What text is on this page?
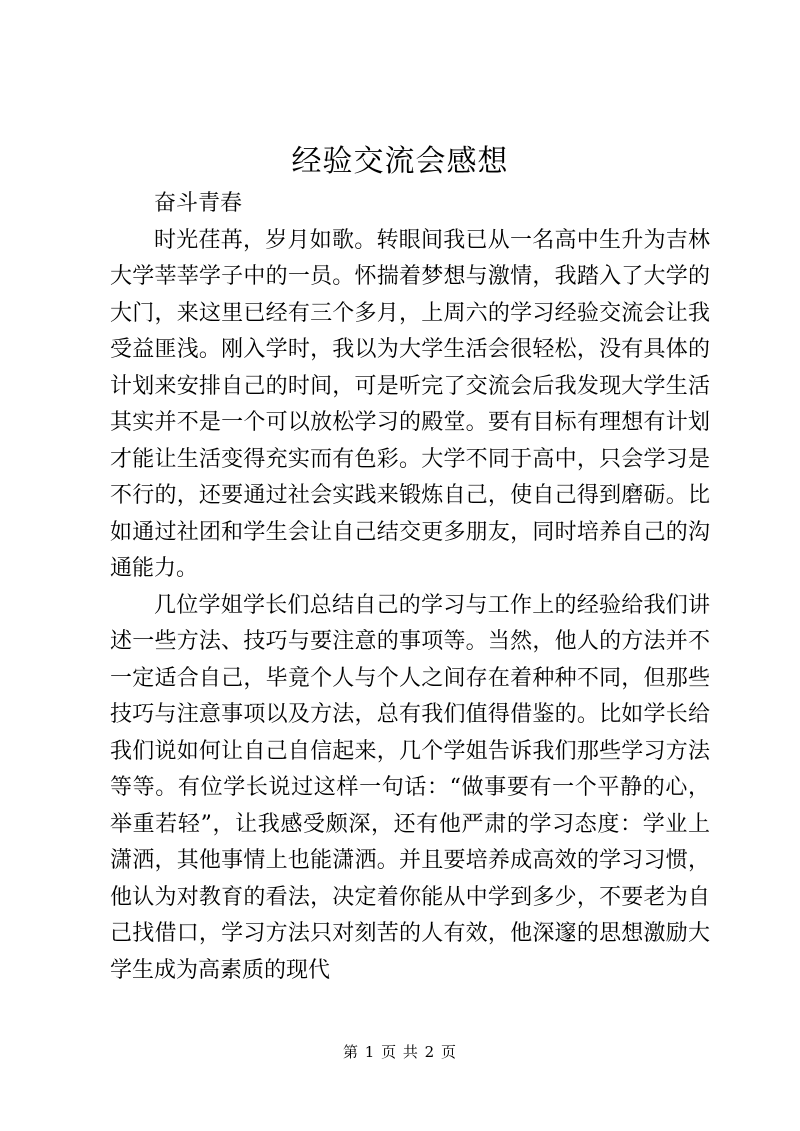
经验交流会感想

奋斗青春

时光荏苒，岁月如歌。转眼间我已从一名高中生升为吉林大学莘莘学子中的一员。怀揣着梦想与激情，我踏入了大学的大门，来这里已经有三个多月，上周六的学习经验交流会让我受益匪浅。刚入学时，我以为大学生活会很轻松，没有具体的计划来安排自己的时间，可是听完了交流会后我发现大学生活其实并不是一个可以放松学习的殿堂。要有目标有理想有计划才能让生活变得充实而有色彩。大学不同于高中，只会学习是不行的，还要通过社会实践来锻炼自己，使自己得到磨砺。比如通过社团和学生会让自己结交更多朋友，同时培养自己的沟通能力。

几位学姐学长们总结自己的学习与工作上的经验给我们讲述一些方法、技巧与要注意的事项等。当然，他人的方法并不一定适合自己，毕竟个人与个人之间存在着种种不同，但那些技巧与注意事项以及方法，总有我们值得借鉴的。比如学长给我们说如何让自己自信起来，几个学姐告诉我们那些学习方法等等。有位学长说过这样一句话：“做事要有一个平静的心，举重若轻”，让我感受颇深，还有他严肃的学习态度：学业上潇洒，其他事情上也能潇洒。并且要培养成高效的学习习惯，他认为对教育的看法，决定着你能从中学到多少，不要老为自己找借口，学习方法只对刻苦的人有效，他深邃的思想激励大学生成为高素质的现代

第 1 页 共 2 页
